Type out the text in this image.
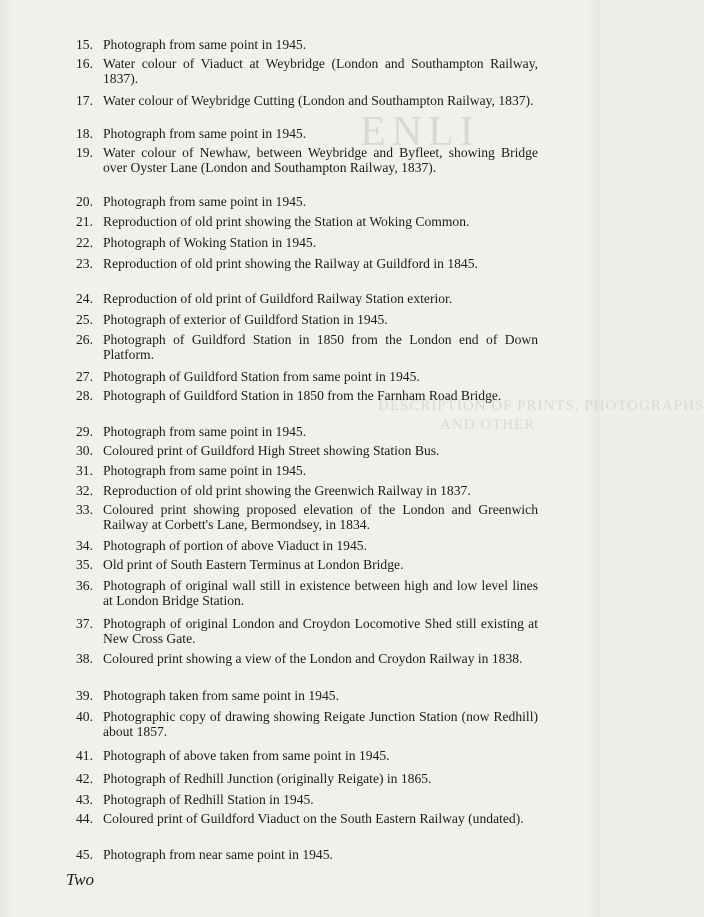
ENLI
DESCRIPTION OF PRINTS, PHOTOGRAPHS
AND OTHER
15. Photograph from same point in 1945.
16. Water colour of Viaduct at Weybridge (London and Southampton Railway, 1837).
17. Water colour of Weybridge Cutting (London and Southampton Railway, 1837).
18. Photograph from same point in 1945.
19. Water colour of Newhaw, between Weybridge and Byfleet, showing Bridge over Oyster Lane (London and Southampton Railway, 1837).
20. Photograph from same point in 1945.
21. Reproduction of old print showing the Station at Woking Common.
22. Photograph of Woking Station in 1945.
23. Reproduction of old print showing the Railway at Guildford in 1845.
24. Reproduction of old print of Guildford Railway Station exterior.
25. Photograph of exterior of Guildford Station in 1945.
26. Photograph of Guildford Station in 1850 from the London end of Down Platform.
27. Photograph of Guildford Station from same point in 1945.
28. Photograph of Guildford Station in 1850 from the Farnham Road Bridge.
29. Photograph from same point in 1945.
30. Coloured print of Guildford High Street showing Station Bus.
31. Photograph from same point in 1945.
32. Reproduction of old print showing the Greenwich Railway in 1837.
33. Coloured print showing proposed elevation of the London and Greenwich Railway at Corbett's Lane, Bermondsey, in 1834.
34. Photograph of portion of above Viaduct in 1945.
35. Old print of South Eastern Terminus at London Bridge.
36. Photograph of original wall still in existence between high and low level lines at London Bridge Station.
37. Photograph of original London and Croydon Locomotive Shed still existing at New Cross Gate.
38. Coloured print showing a view of the London and Croydon Railway in 1838.
39. Photograph taken from same point in 1945.
40. Photographic copy of drawing showing Reigate Junction Station (now Redhill) about 1857.
41. Photograph of above taken from same point in 1945.
42. Photograph of Redhill Junction (originally Reigate) in 1865.
43. Photograph of Redhill Station in 1945.
44. Coloured print of Guildford Viaduct on the South Eastern Railway (undated).
45. Photograph from near same point in 1945.
Two
